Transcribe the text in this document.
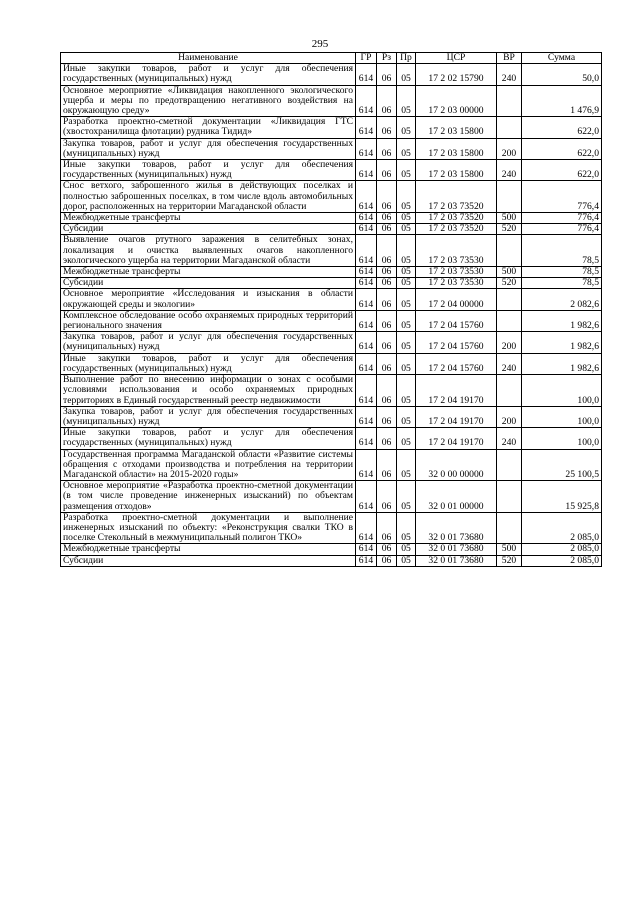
295
Наименование	ГР	Рз	Пр	ЦСР	ВР	Сумма
Иные закупки товаров, работ и услуг для обеспечения государственных (муниципальных) нужд	614	06	05	17 2 02 15790	240	50,0
Основное мероприятие «Ликвидация накопленного экологического ущерба и меры по предотвращению негативного воздействия на окружающую среду»	614	06	05	17 2 03 00000		1 476,9
Разработка проектно-сметной документации «Ликвидация ГТС (хвостохранилища флотации) рудника Тидид»	614	06	05	17 2 03 15800		622,0
Закупка товаров, работ и услуг для обеспечения государственных (муниципальных) нужд	614	06	05	17 2 03 15800	200	622,0
Иные закупки товаров, работ и услуг для обеспечения государственных (муниципальных) нужд	614	06	05	17 2 03 15800	240	622,0
Снос ветхого, заброшенного жилья в действующих поселках и полностью заброшенных поселках, в том числе вдоль автомобильных дорог, расположенных на территории Магаданской области	614	06	05	17 2 03 73520		776,4
Межбюджетные трансферты	614	06	05	17 2 03 73520	500	776,4
Субсидии	614	06	05	17 2 03 73520	520	776,4
Выявление очагов ртутного заражения в селитебных зонах, локализация и очистка выявленных очагов накопленного экологического ущерба на территории Магаданской области	614	06	05	17 2 03 73530		78,5
Межбюджетные трансферты	614	06	05	17 2 03 73530	500	78,5
Субсидии	614	06	05	17 2 03 73530	520	78,5
Основное мероприятие «Исследования и изыскания в области окружающей среды и экологии»	614	06	05	17 2 04 00000		2 082,6
Комплексное обследование особо охраняемых природных территорий регионального значения	614	06	05	17 2 04 15760		1 982,6
Закупка товаров, работ и услуг для обеспечения государственных (муниципальных) нужд	614	06	05	17 2 04 15760	200	1 982,6
Иные закупки товаров, работ и услуг для обеспечения государственных (муниципальных) нужд	614	06	05	17 2 04 15760	240	1 982,6
Выполнение работ по внесению информации о зонах с особыми условиями использования и особо охраняемых природных территориях в Единый государственный реестр недвижимости	614	06	05	17 2 04 19170		100,0
Закупка товаров, работ и услуг для обеспечения государственных (муниципальных) нужд	614	06	05	17 2 04 19170	200	100,0
Иные закупки товаров, работ и услуг для обеспечения государственных (муниципальных) нужд	614	06	05	17 2 04 19170	240	100,0
Государственная программа Магаданской области «Развитие системы обращения с отходами производства и потребления на территории Магаданской области» на 2015-2020 годы»	614	06	05	32 0 00 00000		25 100,5
Основное мероприятие «Разработка проектно-сметной документации (в том числе проведение инженерных изысканий) по объектам размещения отходов»	614	06	05	32 0 01 00000		15 925,8
Разработка проектно-сметной документации и выполнение инженерных изысканий по объекту: «Реконструкция свалки ТКО в поселке Стекольный в межмуниципальный полигон ТКО»	614	06	05	32 0 01 73680		2 085,0
Межбюджетные трансферты	614	06	05	32 0 01 73680	500	2 085,0
Субсидии	614	06	05	32 0 01 73680	520	2 085,0
